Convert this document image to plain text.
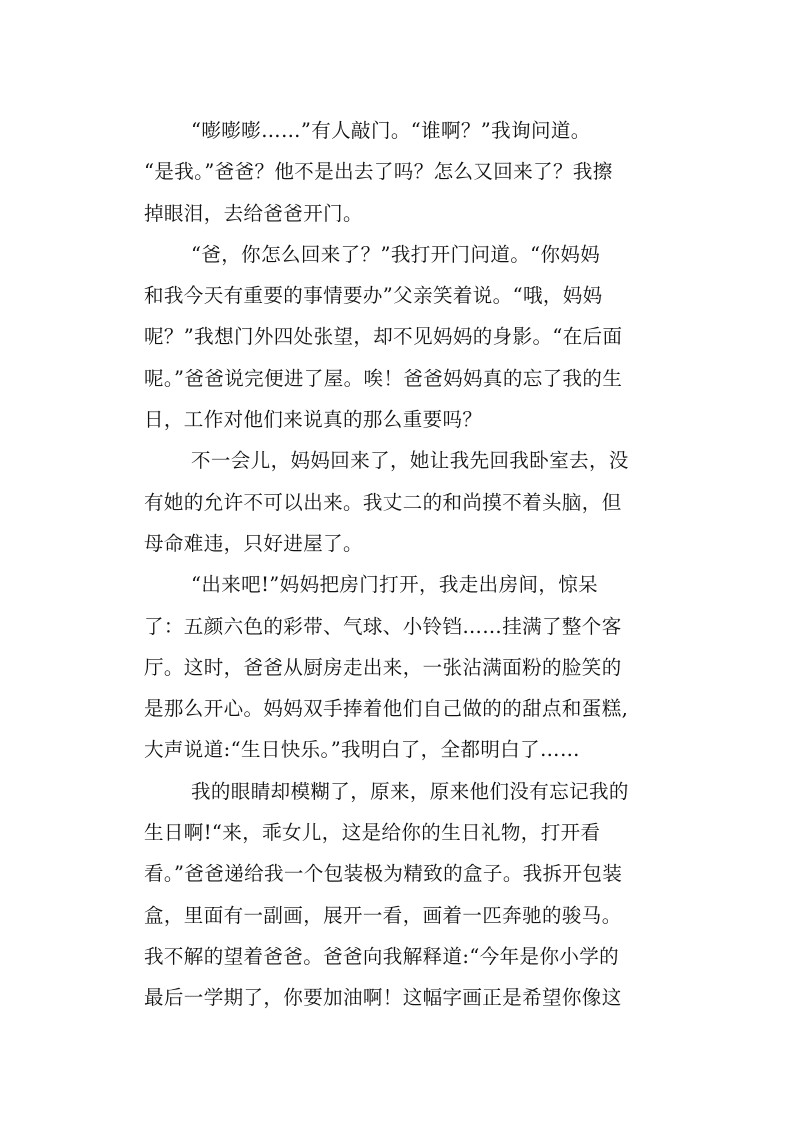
“嘭嘭嘭……”有人敲门。“谁啊？”我询问道。
“是我。”爸爸？他不是出去了吗？怎么又回来了？我擦
掉眼泪，去给爸爸开门。
“爸，你怎么回来了？”我打开门问道。“你妈妈
和我今天有重要的事情要办”父亲笑着说。“哦，妈妈
呢？”我想门外四处张望，却不见妈妈的身影。“在后面
呢。”爸爸说完便进了屋。唉！爸爸妈妈真的忘了我的生
日，工作对他们来说真的那么重要吗？
不一会儿，妈妈回来了，她让我先回我卧室去，没
有她的允许不可以出来。我丈二的和尚摸不着头脑，但
母命难违，只好进屋了。
“出来吧!”妈妈把房门打开，我走出房间，惊呆
了：五颜六色的彩带、气球、小铃铛……挂满了整个客
厅。这时，爸爸从厨房走出来，一张沾满面粉的脸笑的
是那么开心。妈妈双手捧着他们自己做的的甜点和蛋糕,
大声说道:“生日快乐。”我明白了，全都明白了……
我的眼睛却模糊了，原来，原来他们没有忘记我的
生日啊!“来，乖女儿，这是给你的生日礼物，打开看
看。”爸爸递给我一个包装极为精致的盒子。我拆开包装
盒，里面有一副画，展开一看，画着一匹奔驰的骏马。
我不解的望着爸爸。爸爸向我解释道:“今年是你小学的
最后一学期了，你要加油啊！这幅字画正是希望你像这
